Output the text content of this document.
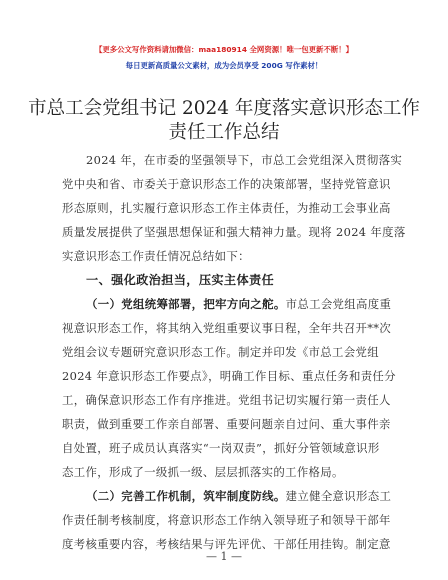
【更多公文写作资料请加微信：maa180914 全网资源！唯一包更新不断！】
每日更新高质量公文素材，成为会员享受 200G 写作素材！
市总工会党组书记 2024 年度落实意识形态工作
责任工作总结
2024 年，在市委的坚强领导下，市总工会党组深入贯彻落实
党中央和省、市委关于意识形态工作的决策部署，坚持党管意识
形态原则，扎实履行意识形态工作主体责任，为推动工会事业高
质量发展提供了坚强思想保证和强大精神力量。现将 2024 年度落
实意识形态工作责任情况总结如下：
一、强化政治担当，压实主体责任
（一）党组统筹部署，把牢方向之舵。市总工会党组高度重
视意识形态工作，将其纳入党组重要议事日程，全年共召开**次
党组会议专题研究意识形态工作。制定并印发《市总工会党组
2024 年意识形态工作要点》，明确工作目标、重点任务和责任分
工，确保意识形态工作有序推进。党组书记切实履行第一责任人
职责，做到重要工作亲自部署、重要问题亲自过问、重大事件亲
自处置，班子成员认真落实“一岗双责”，抓好分管领域意识形
态工作，形成了一级抓一级、层层抓落实的工作格局。
（二）完善工作机制，筑牢制度防线。建立健全意识形态工
作责任制考核制度，将意识形态工作纳入领导班子和领导干部年
度考核重要内容，考核结果与评先评优、干部任用挂钩。制定意
— 1 —
